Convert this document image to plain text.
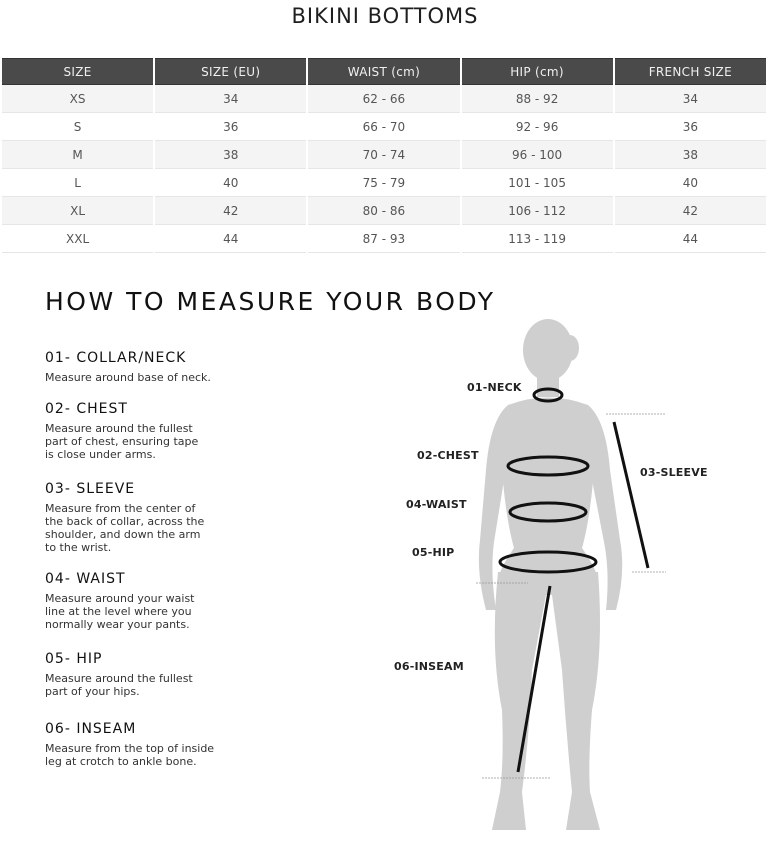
BIKINI BOTTOMS
SIZE	SIZE (EU)	WAIST (cm)	HIP (cm)	FRENCH SIZE
XS	34	62 - 66	88 - 92	34
S	36	66 - 70	92 - 96	36
M	38	70 - 74	96 - 100	38
L	40	75 - 79	101 - 105	40
XL	42	80 - 86	106 - 112	42
XXL	44	87 - 93	113 - 119	44
HOW TO MEASURE YOUR BODY
01- COLLAR/NECK
Measure around base of neck.
02- CHEST
Measure around the fullest
part of chest, ensuring tape
is close under arms.
03- SLEEVE
Measure from the center of
the back of collar, across the
shoulder, and down the arm
to the wrist.
04- WAIST
Measure around your waist
line at the level where you
normally wear your pants.
05- HIP
Measure around the fullest
part of your hips.
06- INSEAM
Measure from the top of inside
leg at crotch to ankle bone.
01-NECK
02-CHEST
03-SLEEVE
04-WAIST
05-HIP
06-INSEAM
